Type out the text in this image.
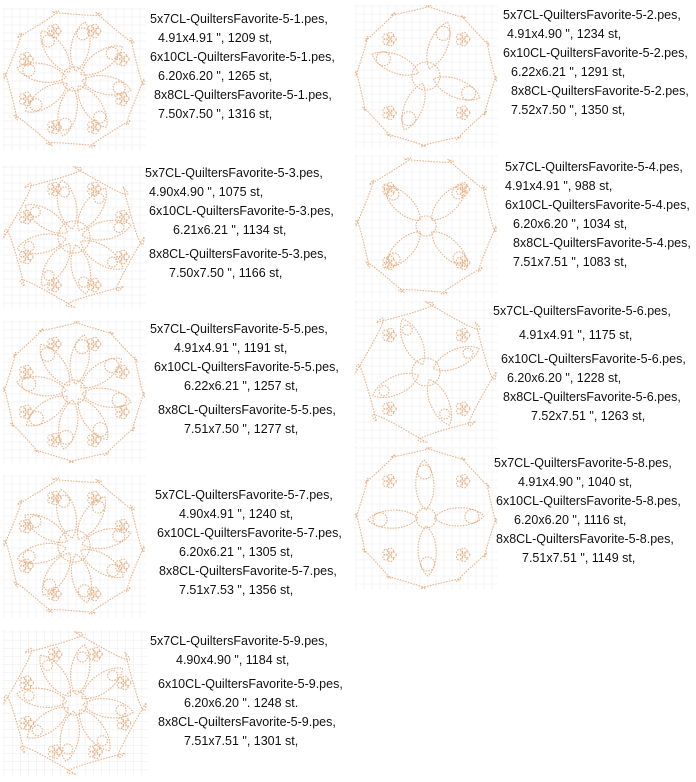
5x7CL-QuiltersFavorite-5-1.pes,
4.91x4.91 ", 1209 st,
6x10CL-QuiltersFavorite-5-1.pes,
6.20x6.20 ", 1265 st,
8x8CL-QuiltersFavorite-5-1.pes,
7.50x7.50 ", 1316 st,
5x7CL-QuiltersFavorite-5-2.pes,
4.91x4.90 ", 1234 st,
6x10CL-QuiltersFavorite-5-2.pes,
6.22x6.21 ", 1291 st,
8x8CL-QuiltersFavorite-5-2.pes,
7.52x7.50 ", 1350 st,
5x7CL-QuiltersFavorite-5-3.pes,
4.90x4.90 ", 1075 st,
6x10CL-QuiltersFavorite-5-3.pes,
6.21x6.21 ", 1134 st,
8x8CL-QuiltersFavorite-5-3.pes,
7.50x7.50 ", 1166 st,
5x7CL-QuiltersFavorite-5-4.pes,
4.91x4.91 ", 988 st,
6x10CL-QuiltersFavorite-5-4.pes,
6.20x6.20 ", 1034 st,
8x8CL-QuiltersFavorite-5-4.pes,
7.51x7.51 ", 1083 st,
5x7CL-QuiltersFavorite-5-5.pes,
4.91x4.91 ", 1191 st,
6x10CL-QuiltersFavorite-5-5.pes,
6.22x6.21 ", 1257 st,
8x8CL-QuiltersFavorite-5-5.pes,
7.51x7.50 ", 1277 st,
5x7CL-QuiltersFavorite-5-6.pes,
4.91x4.91 ", 1175 st,
6x10CL-QuiltersFavorite-5-6.pes,
6.20x6.20 ", 1228 st,
8x8CL-QuiltersFavorite-5-6.pes,
7.52x7.51 ", 1263 st,
5x7CL-QuiltersFavorite-5-7.pes,
4.90x4.91 ", 1240 st,
6x10CL-QuiltersFavorite-5-7.pes,
6.20x6.21 ", 1305 st,
8x8CL-QuiltersFavorite-5-7.pes,
7.51x7.53 ", 1356 st,
5x7CL-QuiltersFavorite-5-8.pes,
4.91x4.90 ", 1040 st,
6x10CL-QuiltersFavorite-5-8.pes,
6.20x6.20 ", 1116 st,
8x8CL-QuiltersFavorite-5-8.pes,
7.51x7.51 ", 1149 st,
5x7CL-QuiltersFavorite-5-9.pes,
4.90x4.90 ", 1184 st,
6x10CL-QuiltersFavorite-5-9.pes,
6.20x6.20 ". 1248 st.
8x8CL-QuiltersFavorite-5-9.pes,
7.51x7.51 ", 1301 st,
